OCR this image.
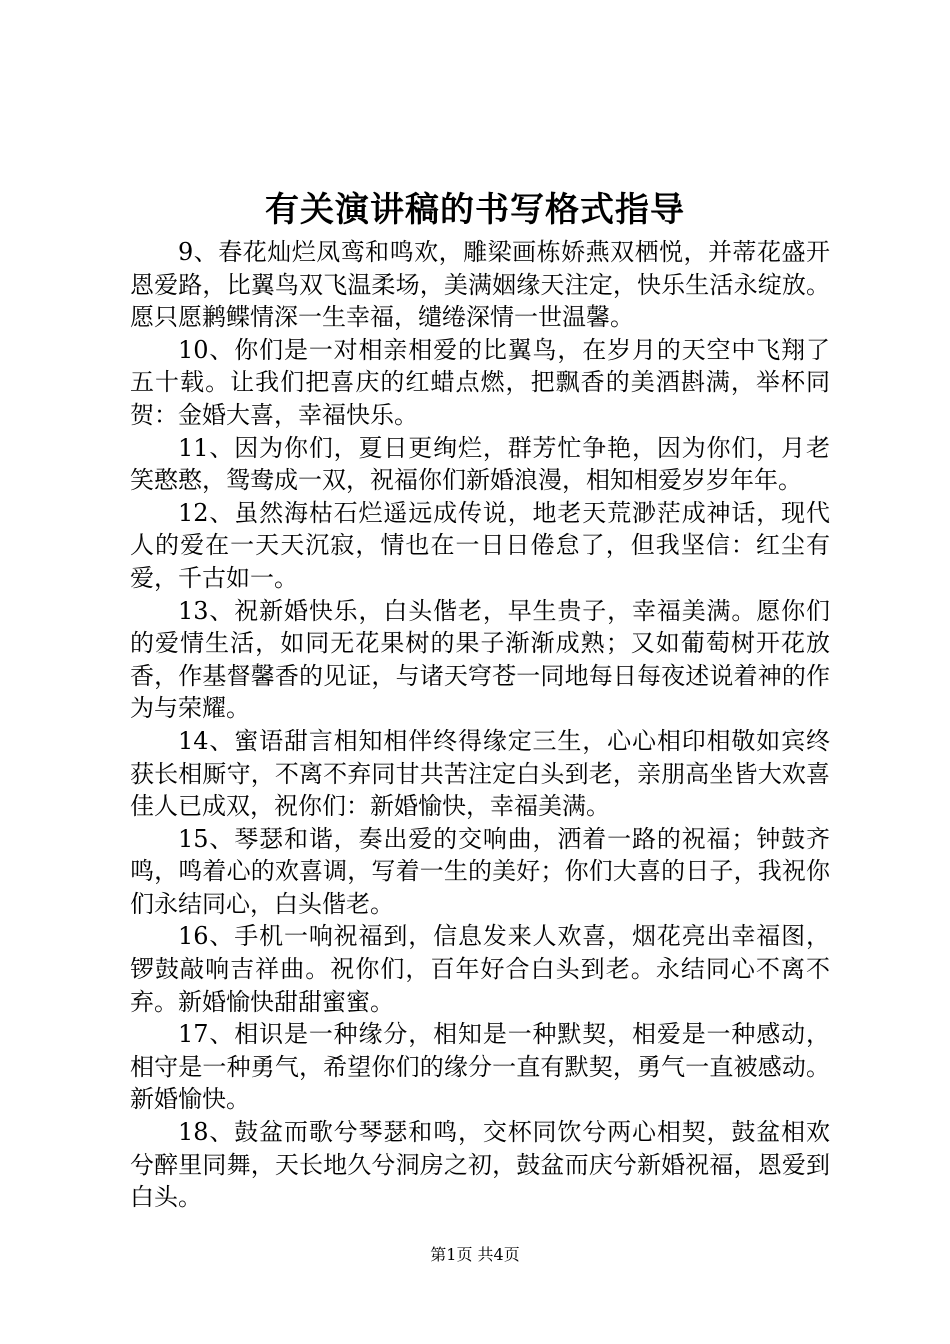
有关演讲稿的书写格式指导

9、春花灿烂凤鸾和鸣欢，雕梁画栋娇燕双栖悦，并蒂花盛开恩爱路，比翼鸟双飞温柔场，美满姻缘天注定，快乐生活永绽放。愿只愿鹣鲽情深一生幸福，缱绻深情一世温馨。

10、你们是一对相亲相爱的比翼鸟，在岁月的天空中飞翔了五十载。让我们把喜庆的红蜡点燃，把飘香的美酒斟满，举杯同贺：金婚大喜，幸福快乐。

11、因为你们，夏日更绚烂，群芳忙争艳，因为你们，月老笑憨憨，鸳鸯成一双，祝福你们新婚浪漫，相知相爱岁岁年年。

12、虽然海枯石烂遥远成传说，地老天荒渺茫成神话，现代人的爱在一天天沉寂，情也在一日日倦怠了，但我坚信：红尘有爱，千古如一。

13、祝新婚快乐，白头偕老，早生贵子，幸福美满。愿你们的爱情生活，如同无花果树的果子渐渐成熟；又如葡萄树开花放香，作基督馨香的见证，与诸天穹苍一同地每日每夜述说着神的作为与荣耀。

14、蜜语甜言相知相伴终得缘定三生，心心相印相敬如宾终获长相厮守，不离不弃同甘共苦注定白头到老，亲朋高坐皆大欢喜佳人已成双，祝你们：新婚愉快，幸福美满。

15、琴瑟和谐，奏出爱的交响曲，洒着一路的祝福；钟鼓齐鸣，鸣着心的欢喜调，写着一生的美好；你们大喜的日子，我祝你们永结同心，白头偕老。

16、手机一响祝福到，信息发来人欢喜，烟花亮出幸福图，锣鼓敲响吉祥曲。祝你们，百年好合白头到老。永结同心不离不弃。新婚愉快甜甜蜜蜜。

17、相识是一种缘分，相知是一种默契，相爱是一种感动，相守是一种勇气，希望你们的缘分一直有默契，勇气一直被感动。新婚愉快。

18、鼓盆而歌兮琴瑟和鸣，交杯同饮兮两心相契，鼓盆相欢兮醉里同舞，天长地久兮洞房之初，鼓盆而庆兮新婚祝福，恩爱到白头。

第1页 共4页
